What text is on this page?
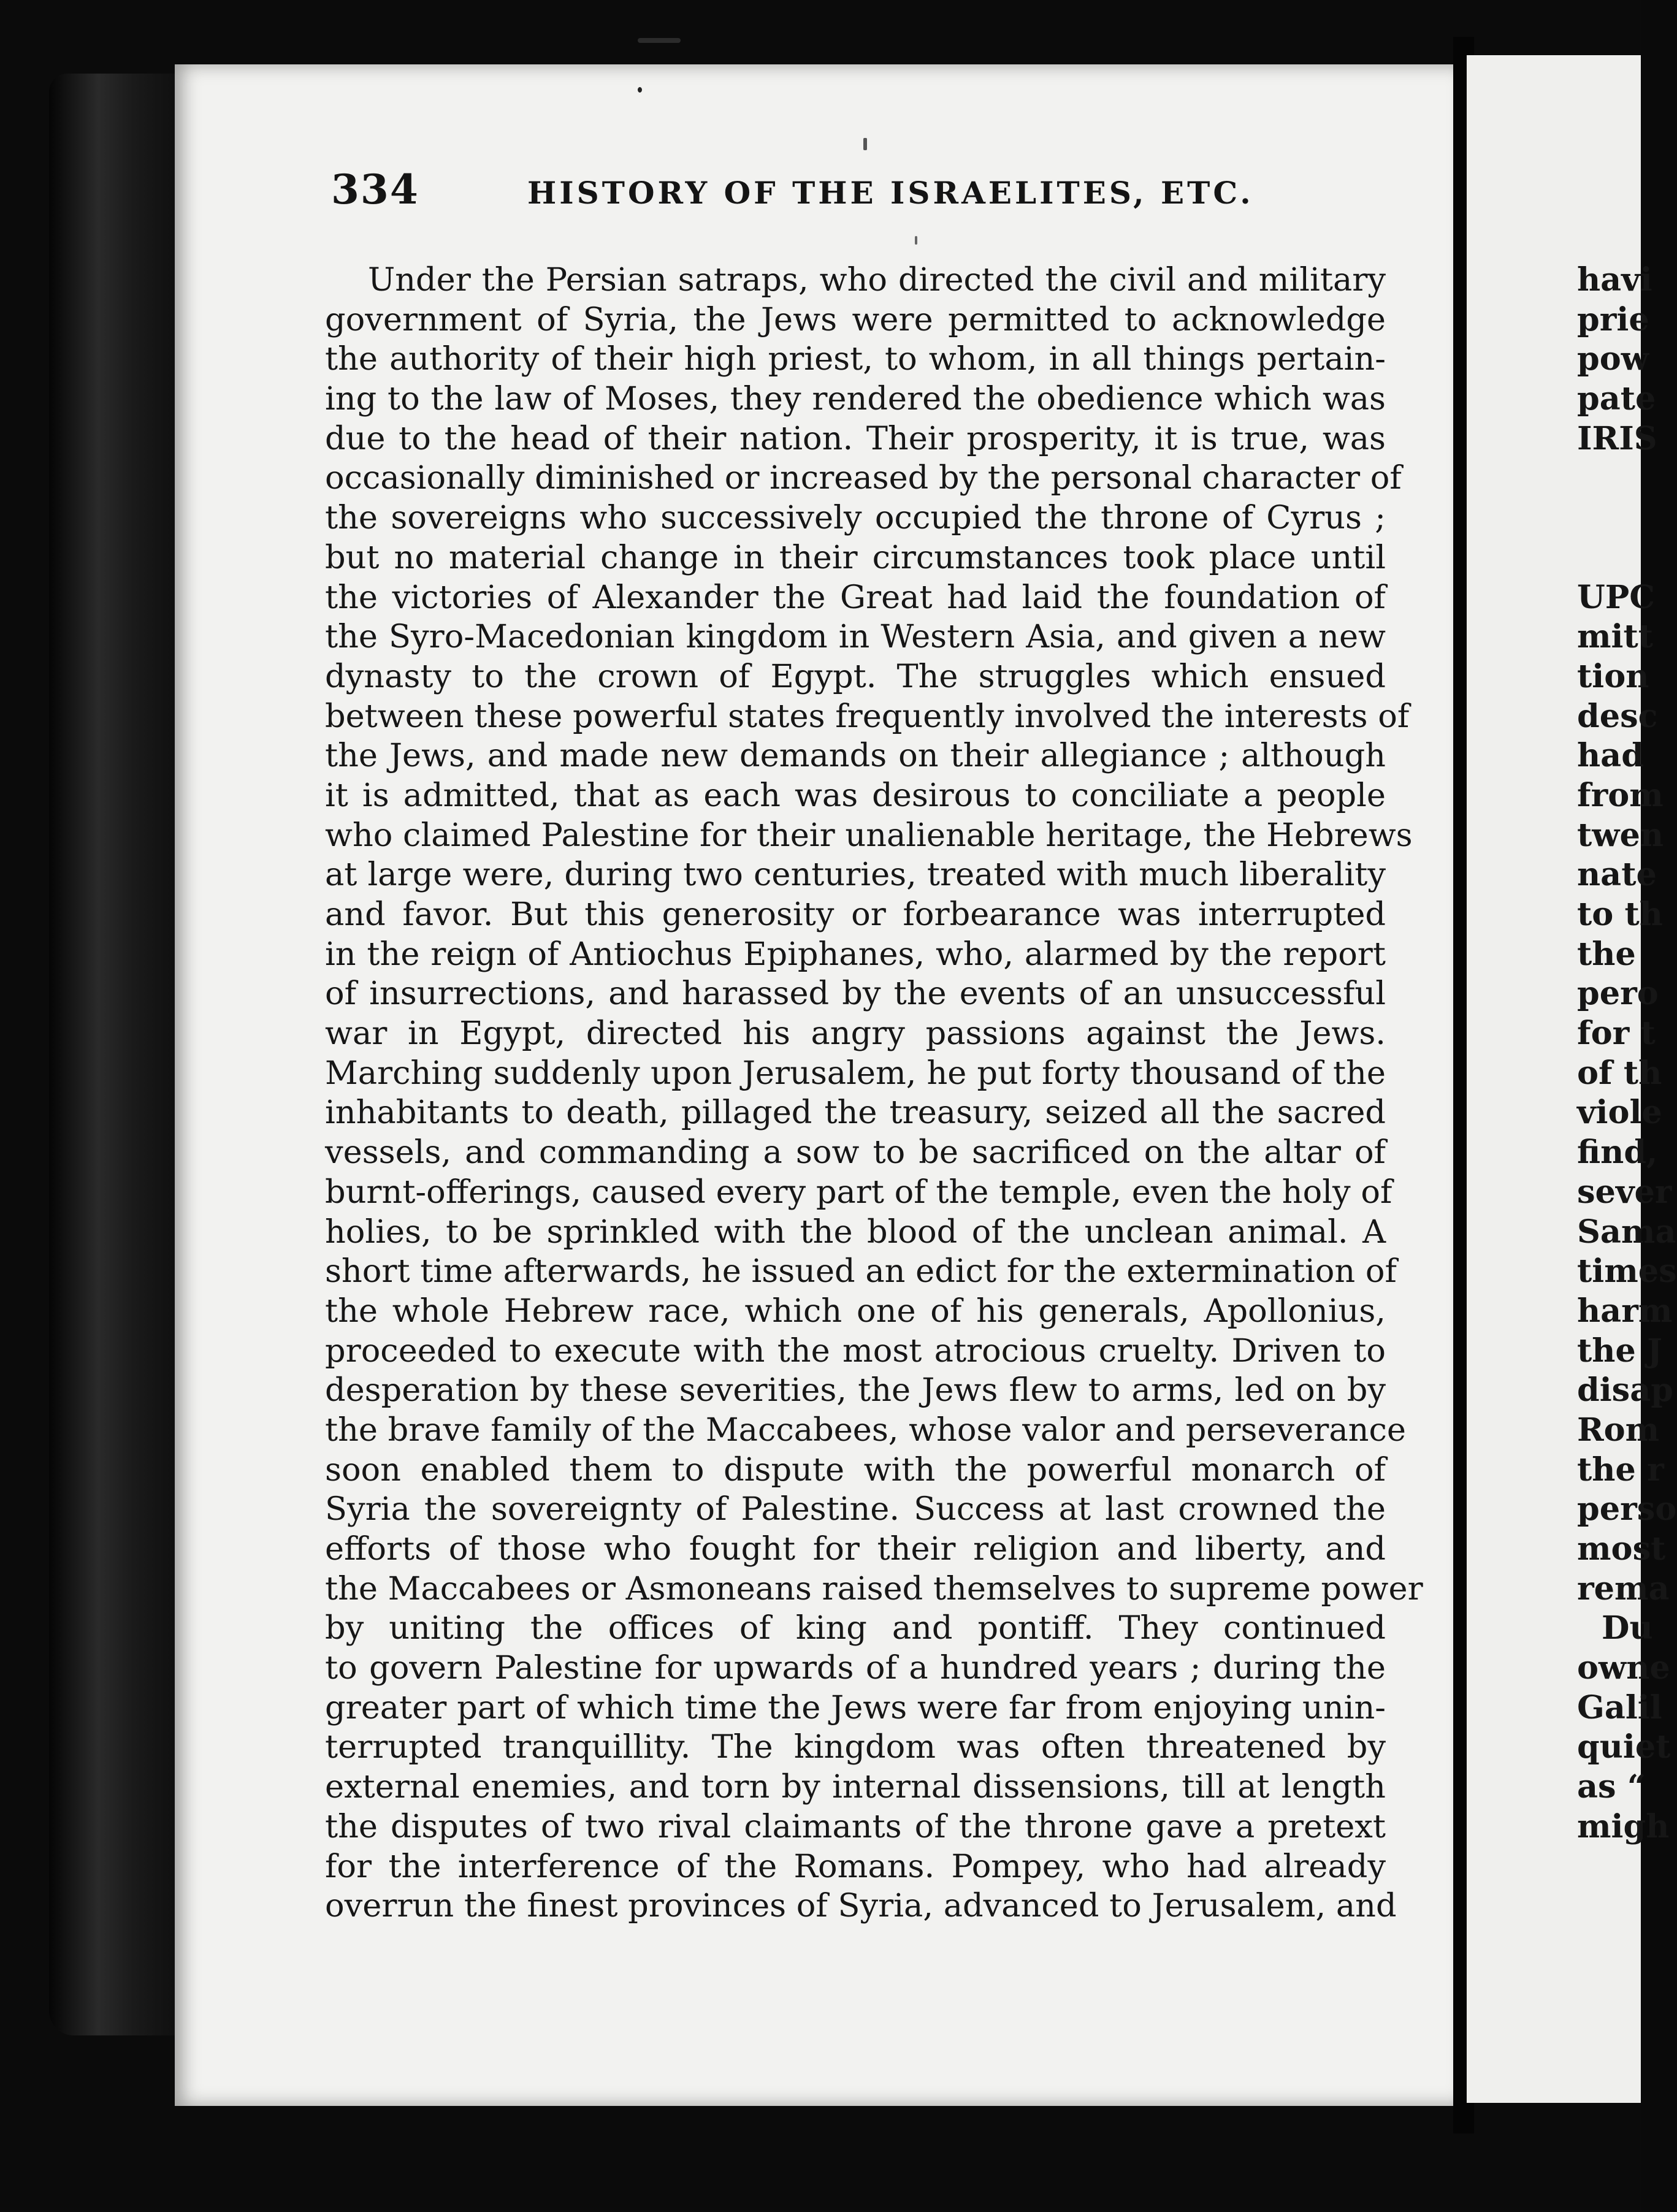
334	HISTORY OF THE ISRAELITES, ETC.
Under the Persian satraps, who directed the civil and military
government of Syria, the Jews were permitted to acknowledge
the authority of their high priest, to whom, in all things pertain-
ing to the law of Moses, they rendered the obedience which was
due to the head of their nation. Their prosperity, it is true, was
occasionally diminished or increased by the personal character of
the sovereigns who successively occupied the throne of Cyrus ;
but no material change in their circumstances took place until
the victories of Alexander the Great had laid the foundation of
the Syro-Macedonian kingdom in Western Asia, and given a new
dynasty to the crown of Egypt. The struggles which ensued
between these powerful states frequently involved the interests of
the Jews, and made new demands on their allegiance ; although
it is admitted, that as each was desirous to conciliate a people
who claimed Palestine for their unalienable heritage, the Hebrews
at large were, during two centuries, treated with much liberality
and favor. But this generosity or forbearance was interrupted
in the reign of Antiochus Epiphanes, who, alarmed by the report
of insurrections, and harassed by the events of an unsuccessful
war in Egypt, directed his angry passions against the Jews.
Marching suddenly upon Jerusalem, he put forty thousand of the
inhabitants to death, pillaged the treasury, seized all the sacred
vessels, and commanding a sow to be sacrificed on the altar of
burnt-offerings, caused every part of the temple, even the holy of
holies, to be sprinkled with the blood of the unclean animal. A
short time afterwards, he issued an edict for the extermination of
the whole Hebrew race, which one of his generals, Apollonius,
proceeded to execute with the most atrocious cruelty. Driven to
desperation by these severities, the Jews flew to arms, led on by
the brave family of the Maccabees, whose valor and perseverance
soon enabled them to dispute with the powerful monarch of
Syria the sovereignty of Palestine. Success at last crowned the
efforts of those who fought for their religion and liberty, and
the Maccabees or Asmoneans raised themselves to supreme power
by uniting the offices of king and pontiff. They continued
to govern Palestine for upwards of a hundred years ; during the
greater part of which time the Jews were far from enjoying unin-
terrupted tranquillity. The kingdom was often threatened by
external enemies, and torn by internal dissensions, till at length
the disputes of two rival claimants of the throne gave a pretext
for the interference of the Romans. Pompey, who had already
overrun the finest provinces of Syria, advanced to Jerusalem, and
havi
prie
pow
pate
IRIS
UPC
mitt
tion
desc
had
from
twen
nate
to th
the
pero
for t
of th
viole
find,
sever
Sama
times
harm
the J
disap
Rom
the r
perso
most
rema
Du
owne
Galil
quiet
as “
migh
